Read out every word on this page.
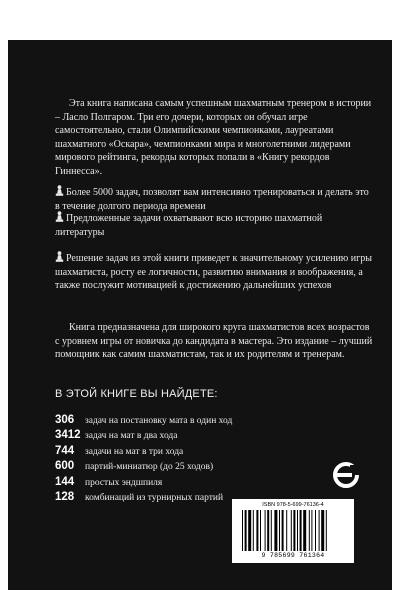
Эта книга написана самым успешным шахматным тренером в истории – Ласло Полгаром. Три его дочери, которых он обучал игре самостоятельно, стали Олимпийскими чемпионками, лауреатами шахматного «Оскара», чемпионками мира и многолетними лидерами мирового рейтинга, рекорды которых попали в «Книгу рекордов Гиннесса».
Более 5000 задач, позволят вам интенсивно тренироваться и делать это в течение долгого периода времени
Предложенные задачи охватывают всю историю шахматной литературы
Решение задач из этой книги приведет к значительному усилению игры шахматиста, росту ее логичности, развитию внимания и воображения, а также послужит мотивацией к достижению дальнейших успехов
Книга предназначена для широкого круга шахматистов всех возрастов с уровнем игры от новичка до кандидата в мастера. Это издание – лучший помощник как самим шахматистам, так и их родителям и тренерам.
В ЭТОЙ КНИГЕ ВЫ НАЙДЕТЕ:
306 задач на постановку мата в один ход
3412 задач на мат в два хода
744 задачи на мат в три хода
600 партий-миниатюр (до 25 ходов)
144 простых эндшпиля
128 комбинаций из турнирных партий
ISBN 978-5-699-76136-4
9 785699 761364
